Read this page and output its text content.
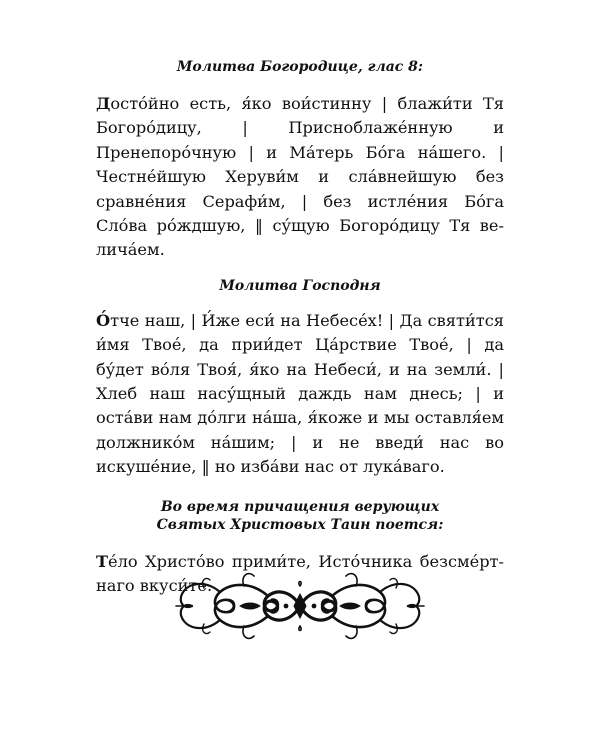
Молитва Богородице, глас 8:

Достóйно есть, я́ко вои́стинну | блажи́ти Тя Богоро́дицу, | Присноблаже́нную и Пренепоро́чную | и Ма́терь Бо́га на́шего. | Честне́йшую Херуви́м и сла́внейшую без сравне́ния Серафи́м, | без истле́ния Бо́га Сло́ва ро́ждшую, ‖ су́щую Богоро́дицу Тя велича́ем.

Молитва Господня

О́тче наш, | И́же еси́ на Небесе́х! | Да святи́тся и́мя Твое́, да прии́дет Ца́рствие Твое́, | да бу́дет во́ля Твоя́, я́ко на Небеси́, и на земли́. | Хлеб наш насу́щный даждь нам днесь; | и оста́ви нам до́лги на́ша, я́коже и мы оставля́ем должнико́м на́шим; | и не введи́ нас во искуше́ние, ‖ но изба́ви нас от лука́ваго.

Во время причащения верующих Святых Христовых Таин поется:

Те́ло Христо́во прими́те, Исто́чника безсме́ртнаго вкуси́те.
